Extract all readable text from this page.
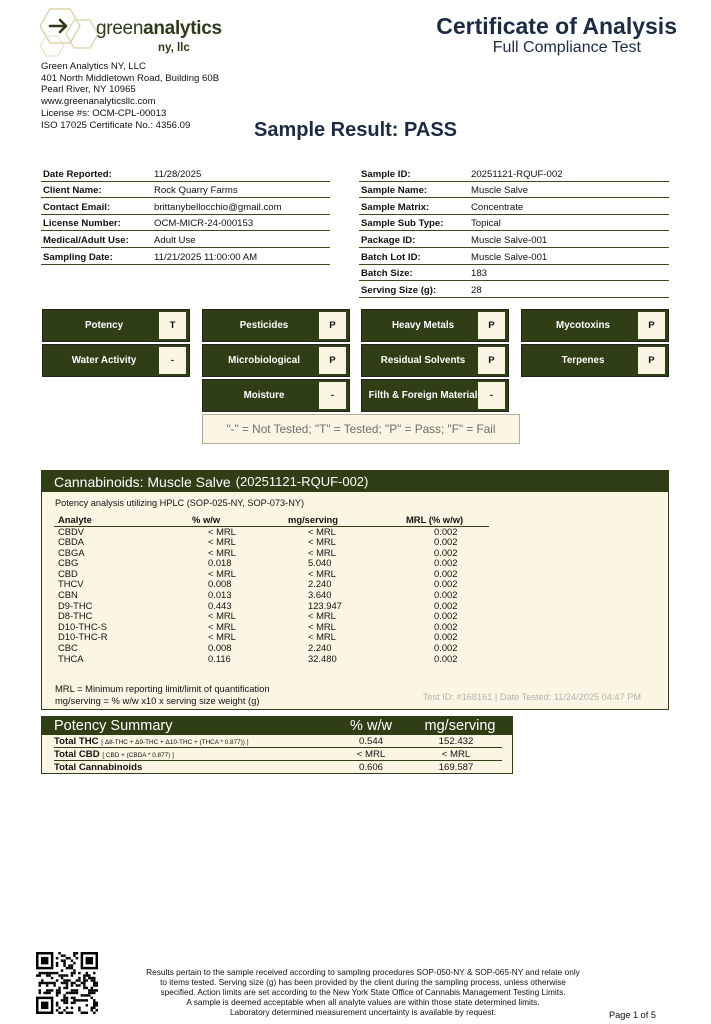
greenanalytics
ny, llc
Green Analytics NY, LLC
401 North Middletown Road, Building 60B
Pearl River, NY 10965
www.greenanalyticsllc.com
License #s: OCM-CPL-00013
ISO 17025 Certificate No.: 4356.09
Certificate of Analysis
Full Compliance Test
Sample Result: PASS
Date Reported:	11/28/2025
Client Name:	Rock Quarry Farms
Contact Email:	brittanybellocchio@gmail.com
License Number:	OCM-MICR-24-000153
Medical/Adult Use:	Adult Use
Sampling Date:	11/21/2025 11:00:00 AM
Sample ID:	20251121-RQUF-002
Sample Name:	Muscle Salve
Sample Matrix:	Concentrate
Sample Sub Type:	Topical
Package ID:	Muscle Salve-001
Batch Lot ID:	Muscle Salve-001
Batch Size:	183
Serving Size (g):	28
Potency	T	Pesticides	P	Heavy Metals	P	Mycotoxins	P
Water Activity	-	Microbiological	P	Residual Solvents	P	Terpenes	P
Moisture	-	Filth & Foreign Material	-
"-" = Not Tested; "T" = Tested; "P" = Pass; "F" = Fail
Cannabinoids: Muscle Salve (20251121-RQUF-002)
Potency analysis utilizing HPLC (SOP-025-NY, SOP-073-NY)
Analyte	% w/w	mg/serving	MRL (% w/w)
CBDV	< MRL	< MRL	0.002
CBDA	< MRL	< MRL	0.002
CBGA	< MRL	< MRL	0.002
CBG	0.018	5.040	0.002
CBD	< MRL	< MRL	0.002
THCV	0.008	2.240	0.002
CBN	0.013	3.640	0.002
D9-THC	0.443	123.947	0.002
D8-THC	< MRL	< MRL	0.002
D10-THC-S	< MRL	< MRL	0.002
D10-THC-R	< MRL	< MRL	0.002
CBC	0.008	2.240	0.002
THCA	0.116	32.480	0.002
MRL = Minimum reporting limit/limit of quantification
mg/serving = % w/w x10 x serving size weight (g)	Test ID: #168161 | Date Tested: 11/24/2025 04:47 PM
Potency Summary	% w/w	mg/serving
Total THC [ Δ8-THC + Δ9-THC + Δ10-THC + (THCA * 0.877)) ]	0.544	152.432
Total CBD [ CBD + (CBDA * 0.877) ]	< MRL	< MRL
Total Cannabinoids	0.606	169.587
Results pertain to the sample received according to sampling procedures SOP-050-NY & SOP-065-NY and relate only
to items tested. Serving size (g) has been provided by the client during the sampling process, unless otherwise
specified. Action limits are set according to the New York State Office of Cannabis Management Testing Limits.
A sample is deemed acceptable when all analyte values are within those state determined limits.
Laboratory determined measurement uncertainty is available by request.	Page 1 of 5
